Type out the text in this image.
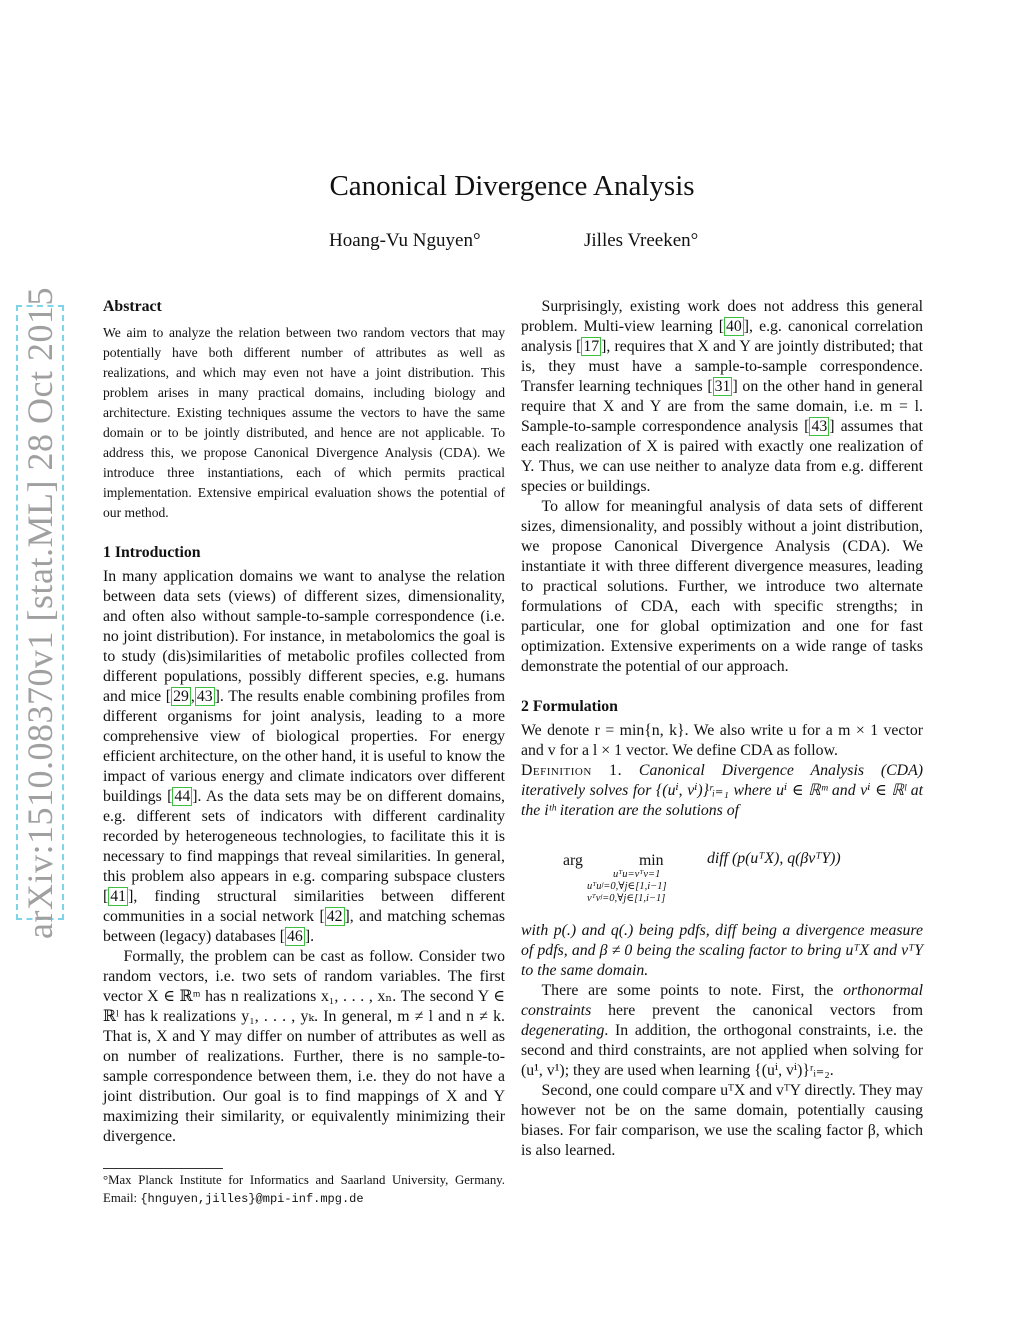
arXiv:1510.08370v1 [stat.ML] 28 Oct 2015
Canonical Divergence Analysis
Hoang-Vu Nguyen°	Jilles Vreeken°
Abstract

We aim to analyze the relation between two random vectors that may potentially have both different number of attributes as well as realizations, and which may even not have a joint distribution. This problem arises in many practical domains, including biology and architecture. Existing techniques assume the vectors to have the same domain or to be jointly distributed, and hence are not applicable. To address this, we propose Canonical Divergence Analysis (CDA). We introduce three instantiations, each of which permits practical implementation. Extensive empirical evaluation shows the potential of our method.

1 Introduction

In many application domains we want to analyse the relation between data sets (views) of different sizes, dimensionality, and often also without sample-to-sample correspondence (i.e. no joint distribution). For instance, in metabolomics the goal is to study (dis)similarities of metabolic profiles collected from different populations, possibly different species, e.g. humans and mice [ 29 , 43 ]. The results enable combining profiles from different organisms for joint analysis, leading to a more comprehensive view of biological properties. For energy efficient architecture, on the other hand, it is useful to know the impact of various energy and climate indicators over different buildings [ 44 ]. As the data sets may be on different domains, e.g. different sets of indicators with different cardinality recorded by heterogeneous technologies, to facilitate this it is necessary to find mappings that reveal similarities. In general, this problem also appears in e.g. comparing subspace clusters [ 41 ], finding structural similarities between different communities in a social network [ 42 ], and matching schemas between (legacy) databases [ 46 ].

Formally, the problem can be cast as follow. Consider two random vectors, i.e. two sets of random variables. The first vector X ∈ ℝᵐ has n realizations x₁, . . . , xₙ. The second Y ∈ ℝˡ has k realizations y₁, . . . , yₖ. In general, m ≠ l and n ≠ k. That is, X and Y may differ on number of attributes as well as on number of realizations. Further, there is no sample-to-sample correspondence between them, i.e. they do not have a joint distribution. Our goal is to find mappings of X and Y maximizing their similarity, or equivalently minimizing their divergence.

°Max Planck Institute for Informatics and Saarland University, Germany. Email: {hnguyen,jilles}@mpi-inf.mpg.de

Surprisingly, existing work does not address this general problem. Multi-view learning [ 40 ], e.g. canonical correlation analysis [ 17 ], requires that X and Y are jointly distributed; that is, they must have a sample-to-sample correspondence. Transfer learning techniques [ 31 ] on the other hand in general require that X and Y are from the same domain, i.e. m = l. Sample-to-sample correspondence analysis [ 43 ] assumes that each realization of X is paired with exactly one realization of Y. Thus, we can use neither to analyze data from e.g. different species or buildings.

To allow for meaningful analysis of data sets of different sizes, dimensionality, and possibly without a joint distribution, we propose Canonical Divergence Analysis (CDA). We instantiate it with three different divergence measures, leading to practical solutions. Further, we introduce two alternate formulations of CDA, each with specific strengths; in particular, one for global optimization and one for fast optimization. Extensive experiments on a wide range of tasks demonstrate the potential of our approach.

2 Formulation

We denote r = min{n, k}. We also write u for a m × 1 vector and v for a l × 1 vector. We define CDA as follow.

Definition 1. Canonical Divergence Analysis (CDA) iteratively solves for {(uⁱ, vⁱ)}ʳᵢ₌₁ where uⁱ ∈ ℝᵐ and vⁱ ∈ ℝˡ at the iᵗʰ iteration are the solutions of

arg	min
uᵀu=vᵀv=1
uᵀuʲ=0,∀j∈[1,i−1]
vᵀvʲ=0,∀j∈[1,i−1]
diff (p(uᵀX), q(βvᵀY))

with p(.) and q(.) being pdfs, diff being a divergence measure of pdfs, and β ≠ 0 being the scaling factor to bring uᵀX and vᵀY to the same domain.

There are some points to note. First, the orthonormal constraints here prevent the canonical vectors from degenerating. In addition, the orthogonal constraints, i.e. the second and third constraints, are not applied when solving for (u¹, v¹); they are used when learning {(uⁱ, vⁱ)}ʳᵢ₌₂.

Second, one could compare uᵀX and vᵀY directly. They may however not be on the same domain, potentially causing biases. For fair comparison, we use the scaling factor β, which is also learned.
